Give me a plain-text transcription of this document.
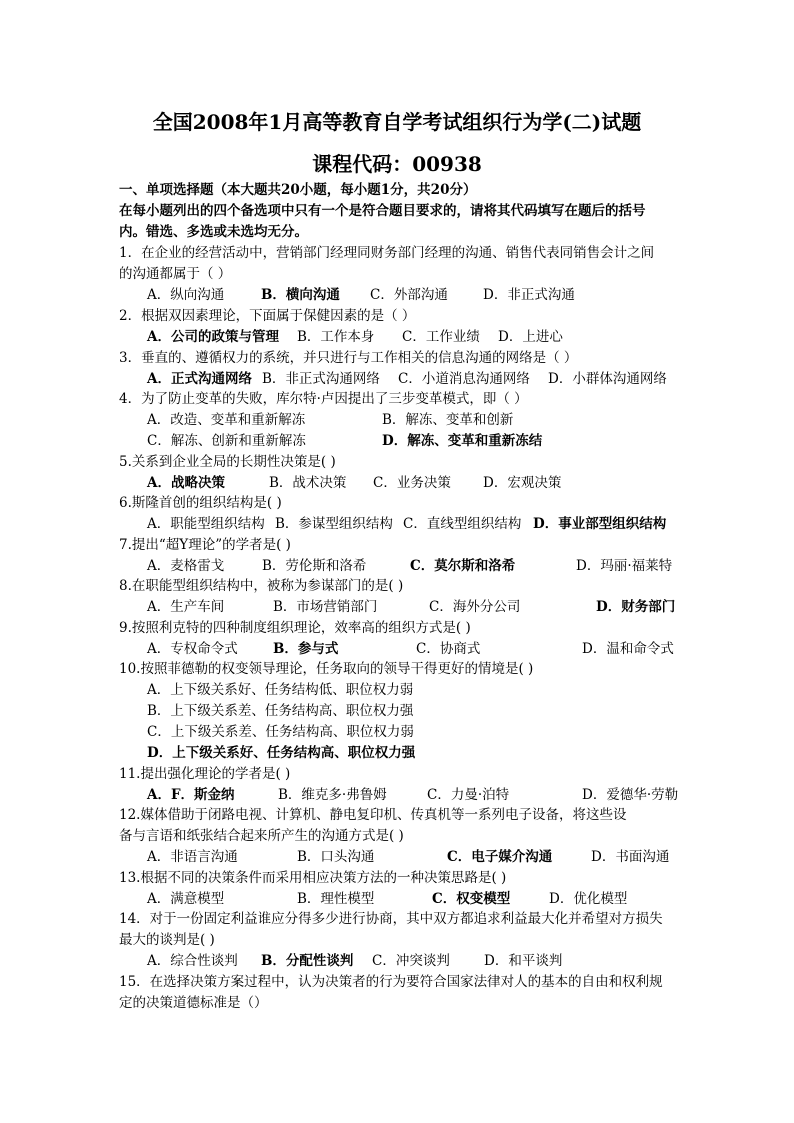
全国2008年1月高等教育自学考试组织行为学(二)试题
课程代码：00938
一、单项选择题（本大题共20小题，每小题1分，共20分）
在每小题列出的四个备选项中只有一个是符合题目要求的，请将其代码填写在题后的括号
内。错选、多选或未选均无分。
1．在企业的经营活动中，营销部门经理同财务部门经理的沟通、销售代表同销售会计之间
的沟通都属于（ ）
A．纵向沟通	B．横向沟通 C．外部沟通	D．非正式沟通
2．根据双因素理论，下面属于保健因素的是（ ）
A．公司的政策与管理 B．工作本身 C．工作业绩 D．上进心
3．垂直的、遵循权力的系统，并只进行与工作相关的信息沟通的网络是（ ）
A．正式沟通网络 B．非正式沟通网络 C．小道消息沟通网络 D．小群体沟通网络
4．为了防止变革的失败，库尔特·卢因提出了三步变革模式，即（ ）
A．改造、变革和重新解冻	B．解冻、变革和创新
C．解冻、创新和重新解冻	D．解冻、变革和重新冻结
5.关系到企业全局的长期性决策是( )
A．战略决策	B．战术决策 C．业务决策 D．宏观决策
6.斯隆首创的组织结构是( )
A．职能型组织结构 B．参谋型组织结构 C．直线型组织结构 D．事业部型组织结构
7.提出“超Y理论”的学者是( )
A．麦格雷戈	B．劳伦斯和洛希	C．莫尔斯和洛希	D．玛丽·福莱特
8.在职能型组织结构中，被称为参谋部门的是( )
A．生产车间	B．市场营销部门	C．海外分公司	D．财务部门
9.按照利克特的四种制度组织理论，效率高的组织方式是( )
A．专权命令式	B．参与式	C．协商式	D．温和命令式
10.按照菲德勒的权变领导理论，任务取向的领导干得更好的情境是( )
A．上下级关系好、任务结构低、职位权力弱
B．上下级关系差、任务结构高、职位权力强
C．上下级关系差、任务结构高、职位权力弱
D．上下级关系好、任务结构高、职位权力强
11.提出强化理论的学者是( )
A．F．斯金纳	B．维克多·弗鲁姆	C．力曼·泊特	D．爱德华·劳勒
12.媒体借助于闭路电视、计算机、静电复印机、传真机等一系列电子设备，将这些设
备与言语和纸张结合起来所产生的沟通方式是( )
A．非语言沟通	B．口头沟通	C．电子媒介沟通	D．书面沟通
13.根据不同的决策条件而采用相应决策方法的一种决策思路是( )
A．满意模型	B．理性模型	C．权变模型	D．优化模型
14．对于一份固定利益谁应分得多少进行协商，其中双方都追求利益最大化并希望对方损失
最大的谈判是( )
A．综合性谈判 B．分配性谈判 C．冲突谈判	D．和平谈判
15．在选择决策方案过程中，认为决策者的行为要符合国家法律对人的基本的自由和权利规
定的决策道德标准是（）
